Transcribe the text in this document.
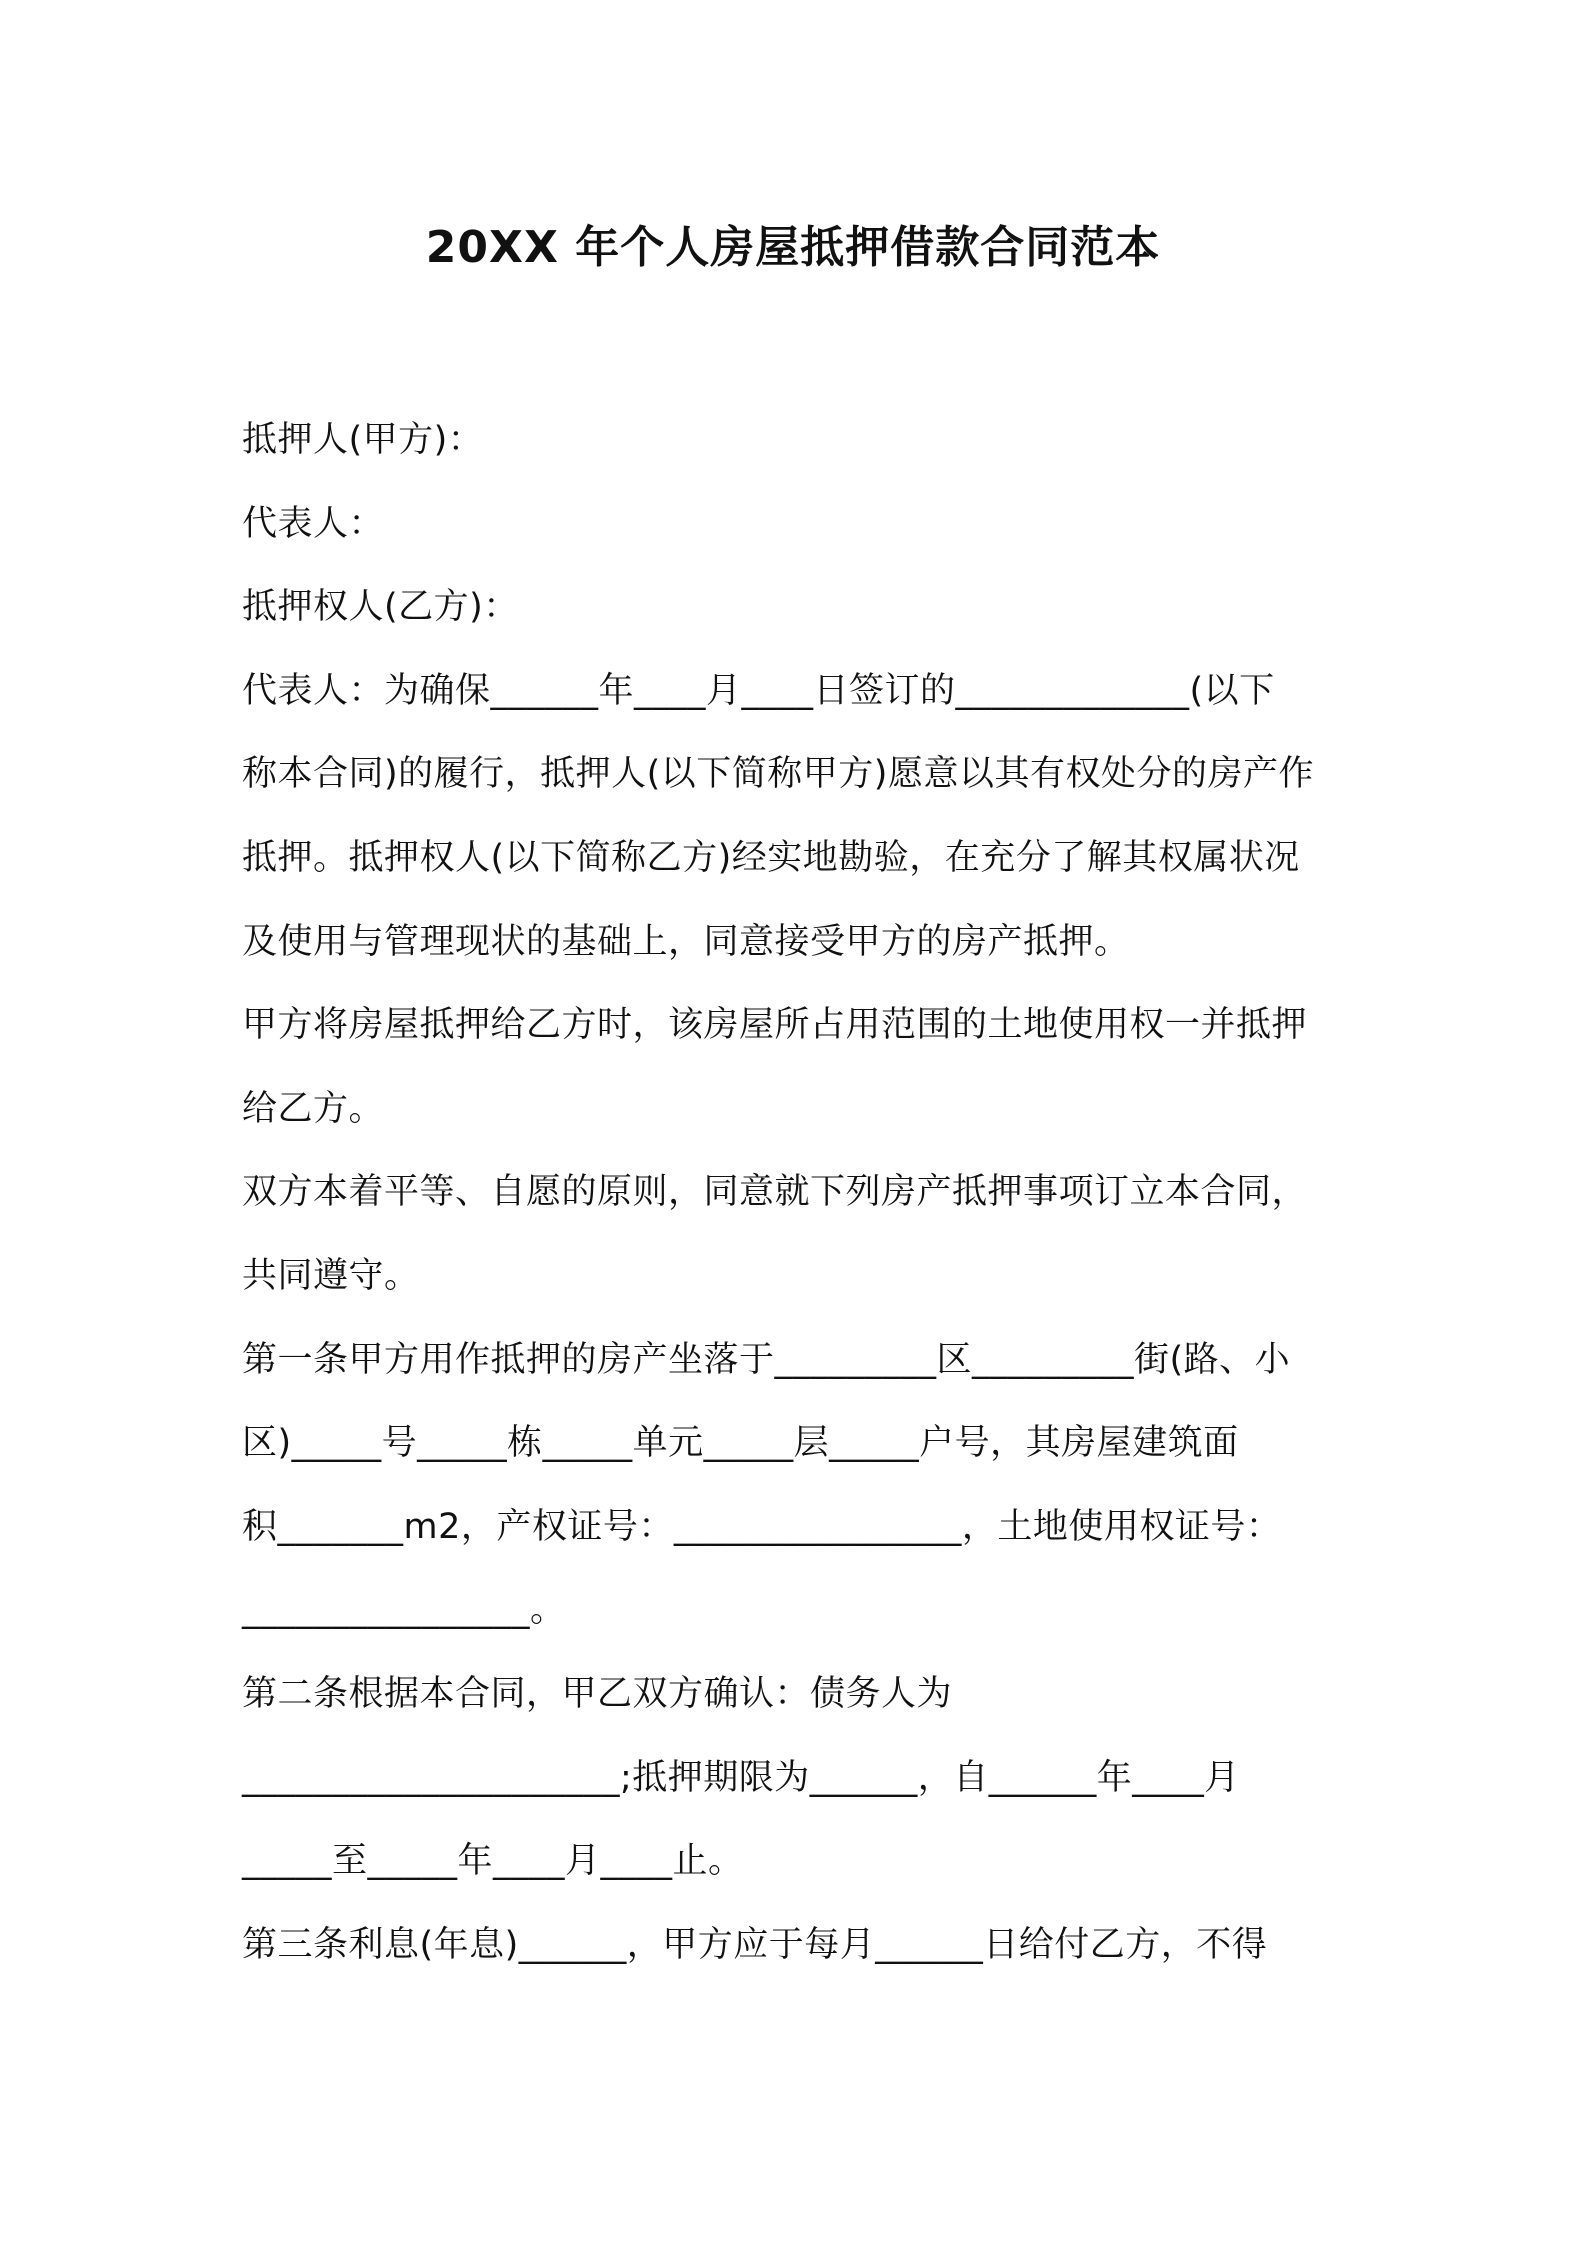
20XX 年个人房屋抵押借款合同范本
抵押人(甲方)：
代表人：
抵押权人(乙方)：
代表人：为确保______年____月____日签订的_____________(以下
称本合同)的履行，抵押人(以下简称甲方)愿意以其有权处分的房产作
抵押。抵押权人(以下简称乙方)经实地勘验，在充分了解其权属状况
及使用与管理现状的基础上，同意接受甲方的房产抵押。
甲方将房屋抵押给乙方时，该房屋所占用范围的土地使用权一并抵押
给乙方。
双方本着平等、自愿的原则，同意就下列房产抵押事项订立本合同，
共同遵守。
第一条甲方用作抵押的房产坐落于_________区_________街(路、小
区)_____号_____栋_____单元_____层_____户号，其房屋建筑面
积_______m2，产权证号：________________，土地使用权证号：
________________。
第二条根据本合同，甲乙双方确认：债务人为
_____________________;抵押期限为______，自______年____月
_____至_____年____月____止。
第三条利息(年息)______，甲方应于每月______日给付乙方，不得
